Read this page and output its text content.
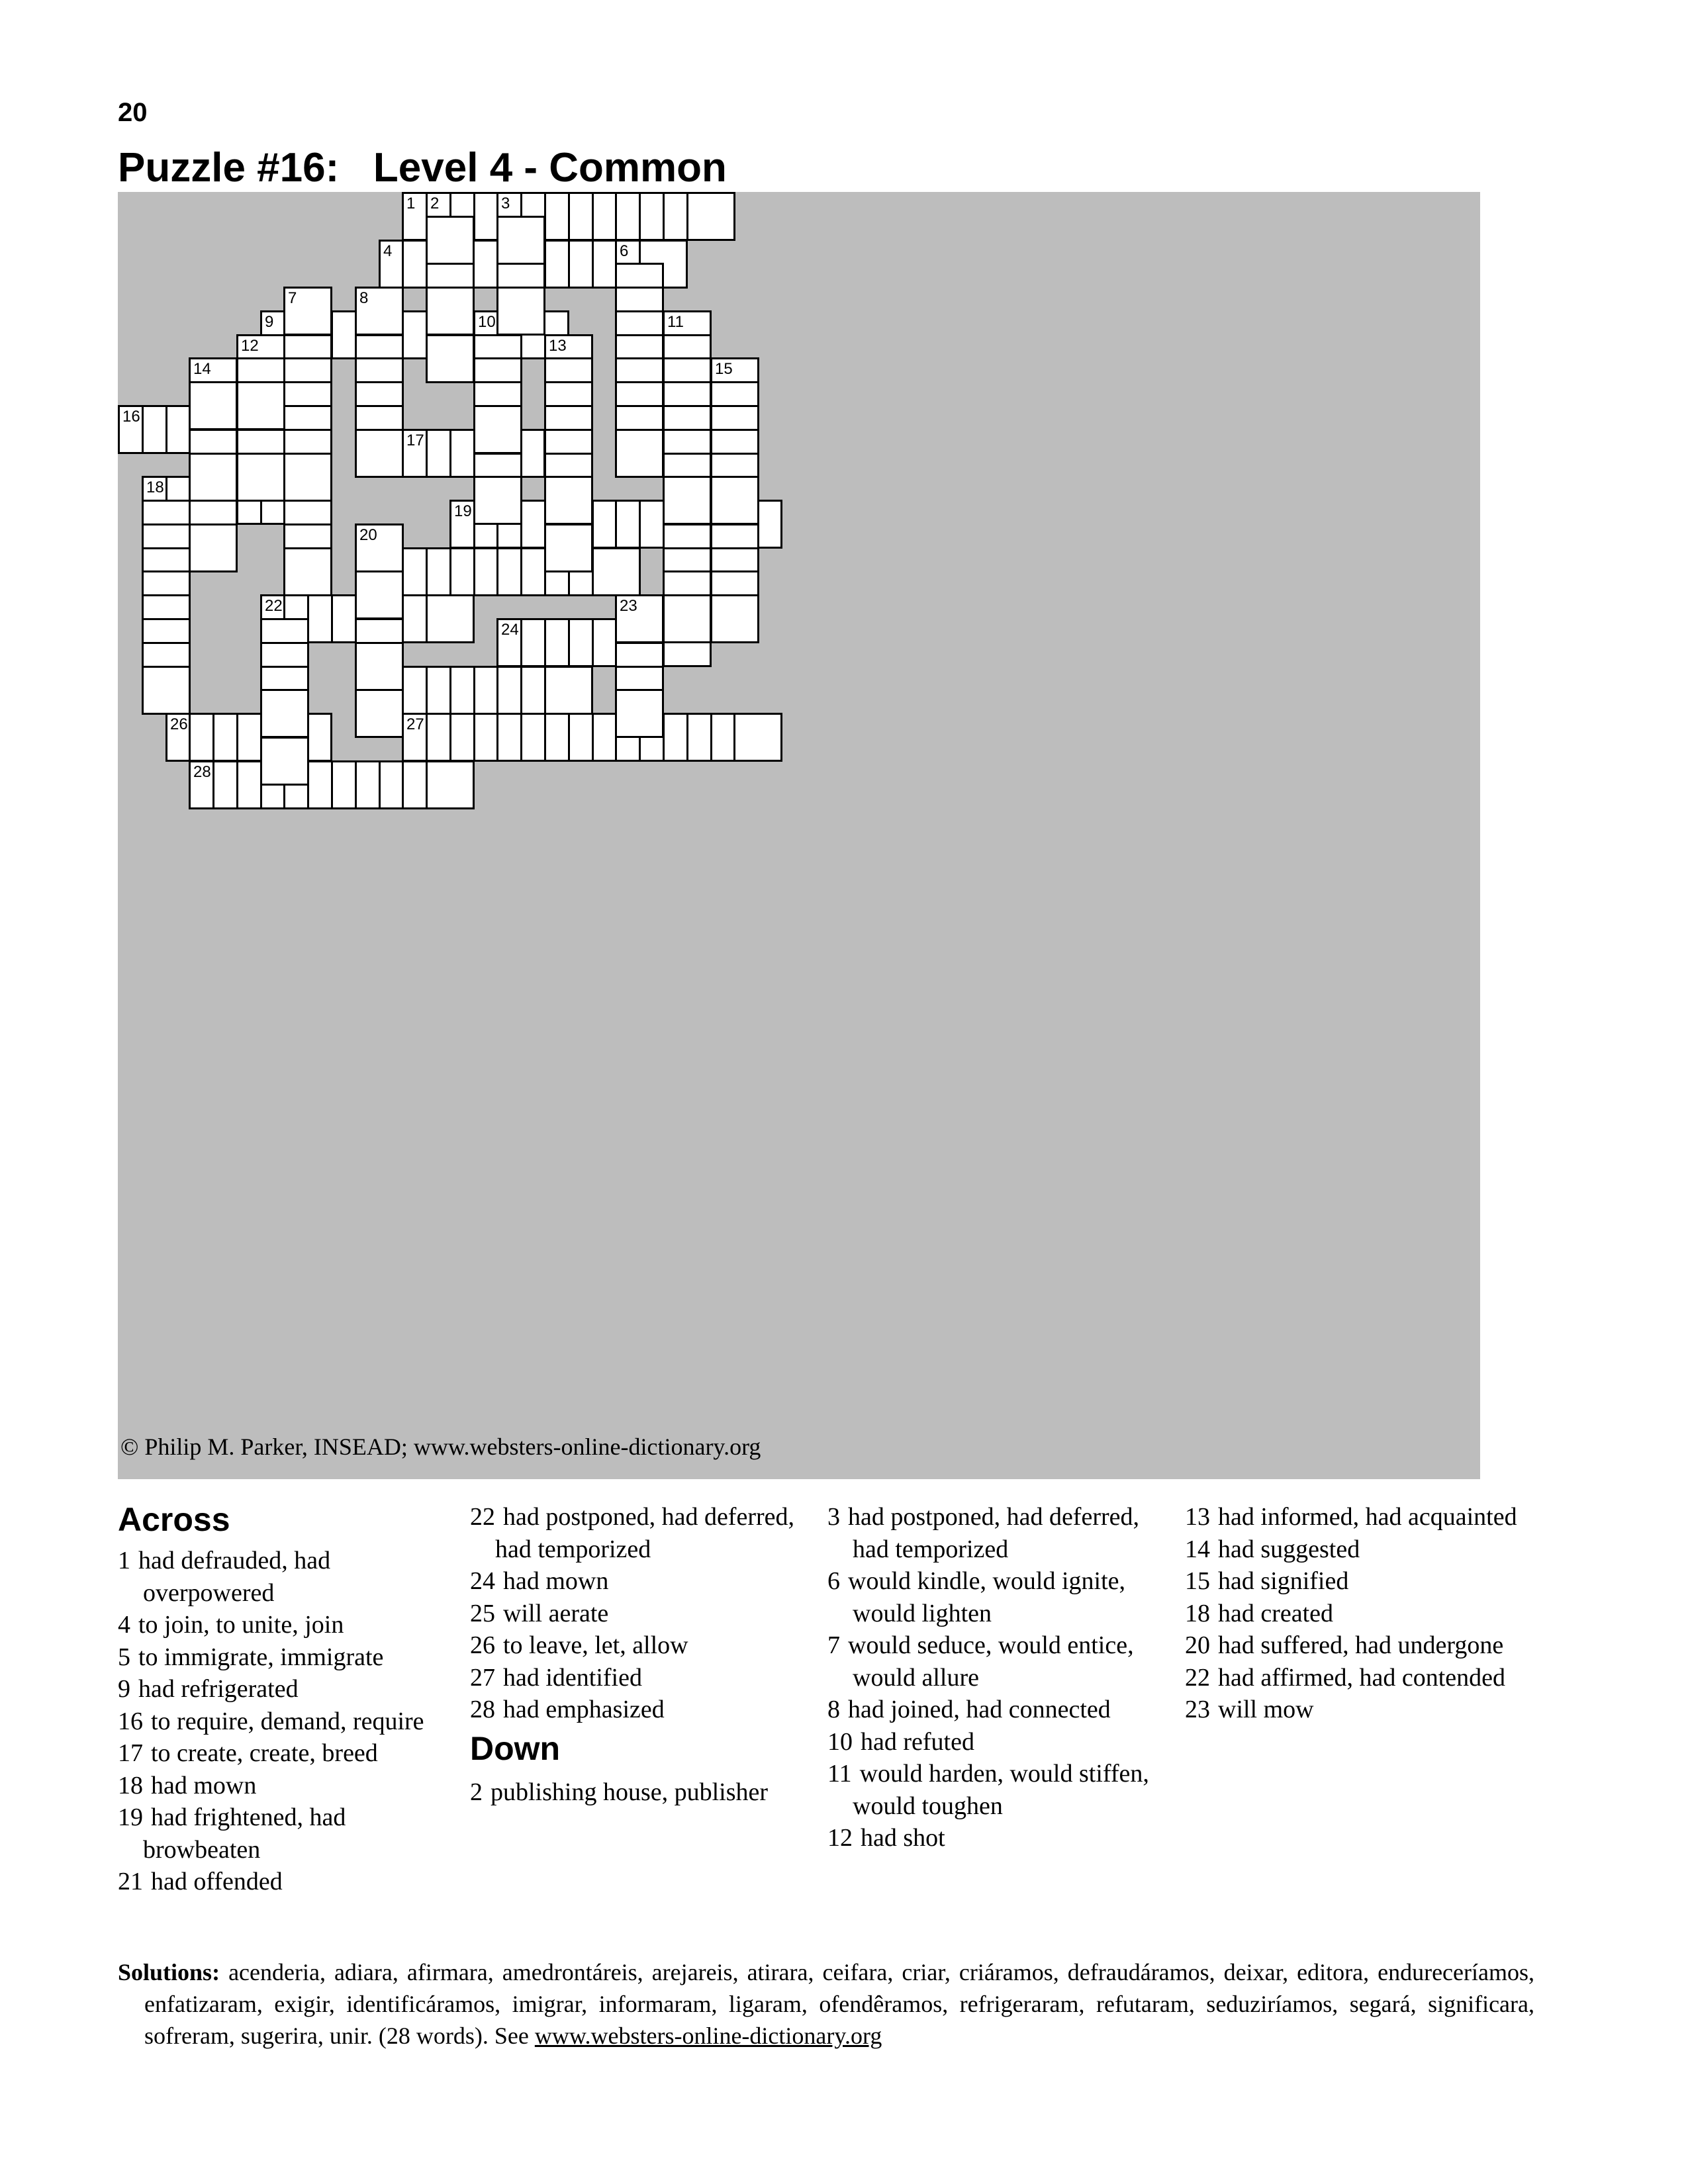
20
Puzzle #16:   Level 4 - Common
1 2	3
4	6
9	10
16
17
18
19
22
24
26	27
28
7	8
11
12	13
14	15
20
23
© Philip M. Parker, INSEAD; www.websters-online-dictionary.org
Across
1 had defrauded, had overpowered
4 to join, to unite, join
5 to immigrate, immigrate
9 had refrigerated
16 to require, demand, require
17 to create, create, breed
18 had mown
19 had frightened, had browbeaten
21 had offended
22 had postponed, had deferred, had temporized
24 had mown
25 will aerate
26 to leave, let, allow
27 had identified
28 had emphasized
Down
2 publishing house, publisher
3 had postponed, had deferred, had temporized
6 would kindle, would ignite, would lighten
7 would seduce, would entice, would allure
8 had joined, had connected
10 had refuted
11 would harden, would stiffen, would toughen
12 had shot
13 had informed, had acquainted
14 had suggested
15 had signified
18 had created
20 had suffered, had undergone
22 had affirmed, had contended
23 will mow
Solutions: acenderia, adiara, afirmara, amedrontáreis, arejareis, atirara, ceifara, criar, criáramos, defraudáramos, deixar, editora, endureceríamos, enfatizaram, exigir, identificáramos, imigrar, informaram, ligaram, ofendêramos, refrigeraram, refutaram, seduziríamos, segará, significara, sofreram, sugerira, unir. (28 words). See www.websters-online-dictionary.org
